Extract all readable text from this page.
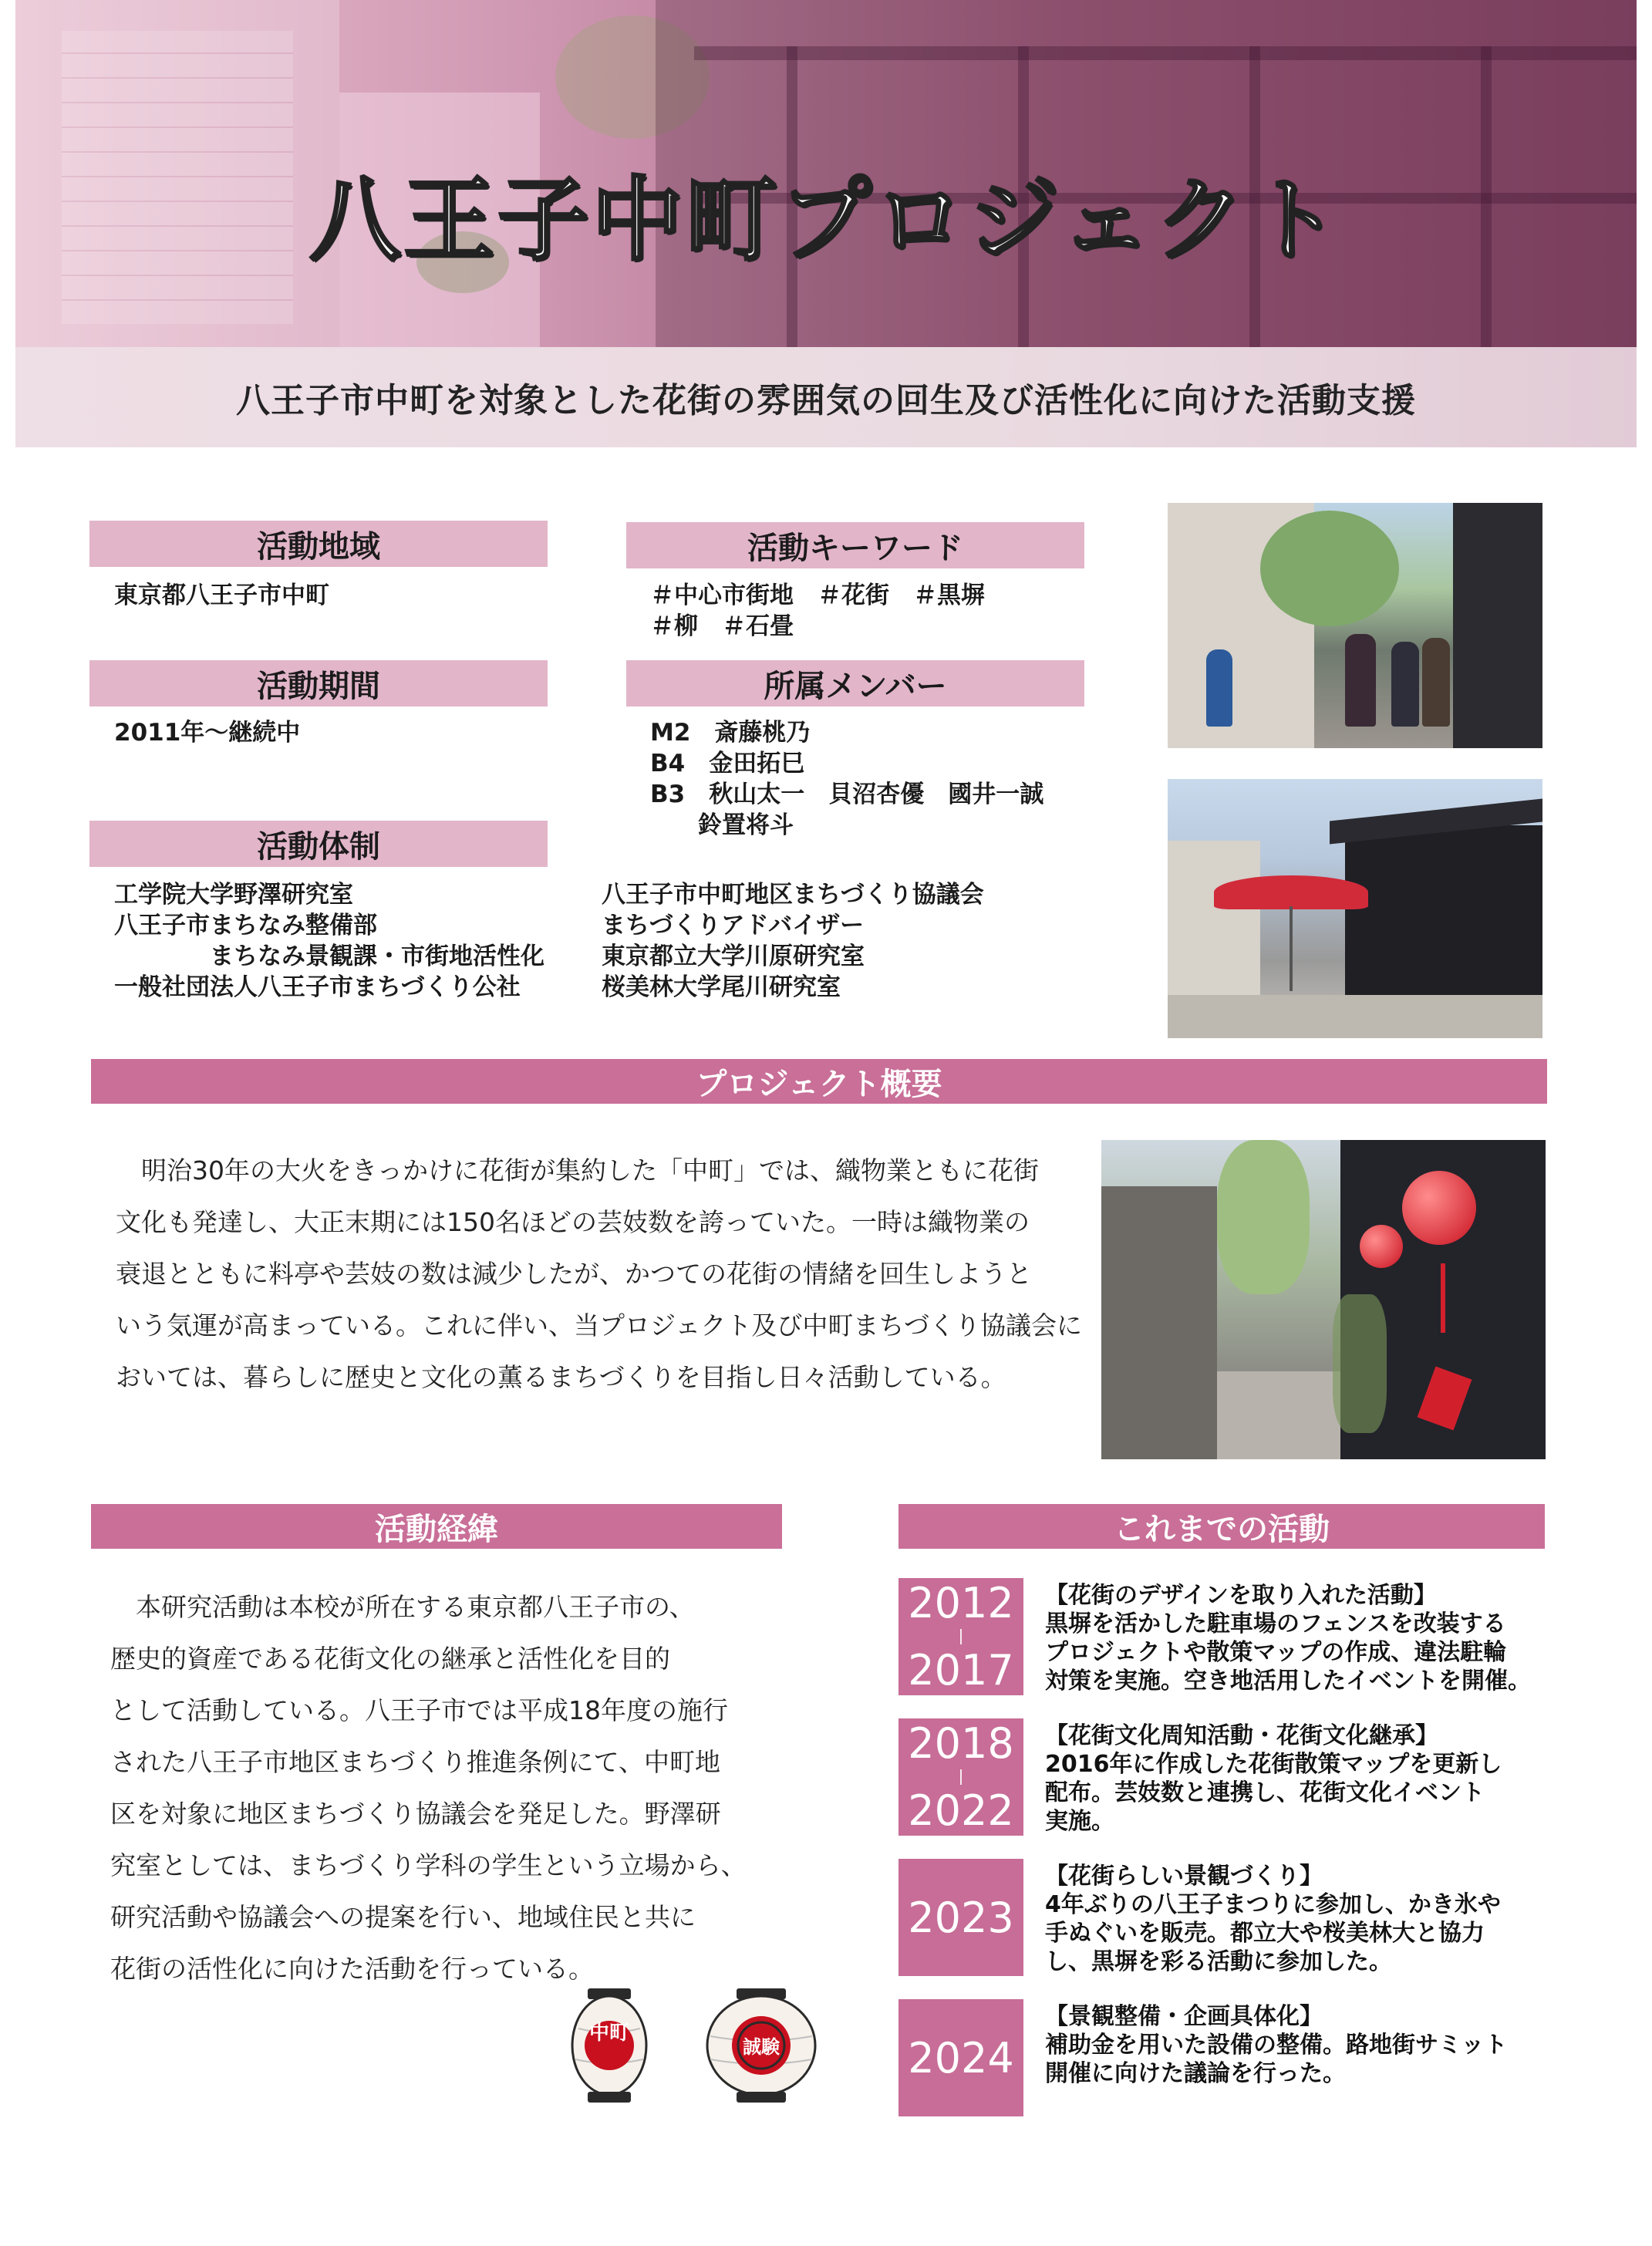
八王子中町プロジェクト
八王子市中町を対象とした花街の雰囲気の回生及び活性化に向けた活動支援
活動地域
東京都八王子市中町
活動期間
2011年～継続中
活動体制
工学院大学野澤研究室
八王子市まちなみ整備部
　　　　まちなみ景観課・市街地活性化
一般社団法人八王子市まちづくり公社
八王子市中町地区まちづくり協議会
まちづくりアドバイザー
東京都立大学川原研究室
桜美林大学尾川研究室
活動キーワード
＃中心市街地　＃花街　＃黒塀
＃柳　＃石畳
所属メンバー
M2　斎藤桃乃
B4　金田拓巳
B3　秋山太一　貝沼杏優　國井一誠
　　鈴置将斗
プロジェクト概要
　明治30年の大火をきっかけに花街が集約した「中町」では、織物業ともに花街
文化も発達し、大正末期には150名ほどの芸妓数を誇っていた。一時は織物業の
衰退とともに料亭や芸妓の数は減少したが、かつての花街の情緒を回生しようと
いう気運が高まっている。これに伴い、当プロジェクト及び中町まちづくり協議会に
おいては、暮らしに歴史と文化の薫るまちづくりを目指し日々活動している。
活動経緯
　本研究活動は本校が所在する東京都八王子市の、
歴史的資産である花街文化の継承と活性化を目的
として活動している。八王子市では平成18年度の施行
された八王子市地区まちづくり推進条例にて、中町地
区を対象に地区まちづくり協議会を発足した。野澤研
究室としては、まちづくり学科の学生という立場から、
研究活動や協議会への提案を行い、地域住民と共に
花街の活性化に向けた活動を行っている。
中町
誠験
これまでの活動
2012
2017
【花街のデザインを取り入れた活動】
黒塀を活かした駐車場のフェンスを改装する
プロジェクトや散策マップの作成、違法駐輪
対策を実施。空き地活用したイベントを開催。
2018
2022
【花街文化周知活動・花街文化継承】
2016年に作成した花街散策マップを更新し
配布。芸妓数と連携し、花街文化イベント
実施。
2023
【花街らしい景観づくり】
4年ぶりの八王子まつりに参加し、かき氷や
手ぬぐいを販売。都立大や桜美林大と協力
し、黒塀を彩る活動に参加した。
2024
【景観整備・企画具体化】
補助金を用いた設備の整備。路地街サミット
開催に向けた議論を行った。
